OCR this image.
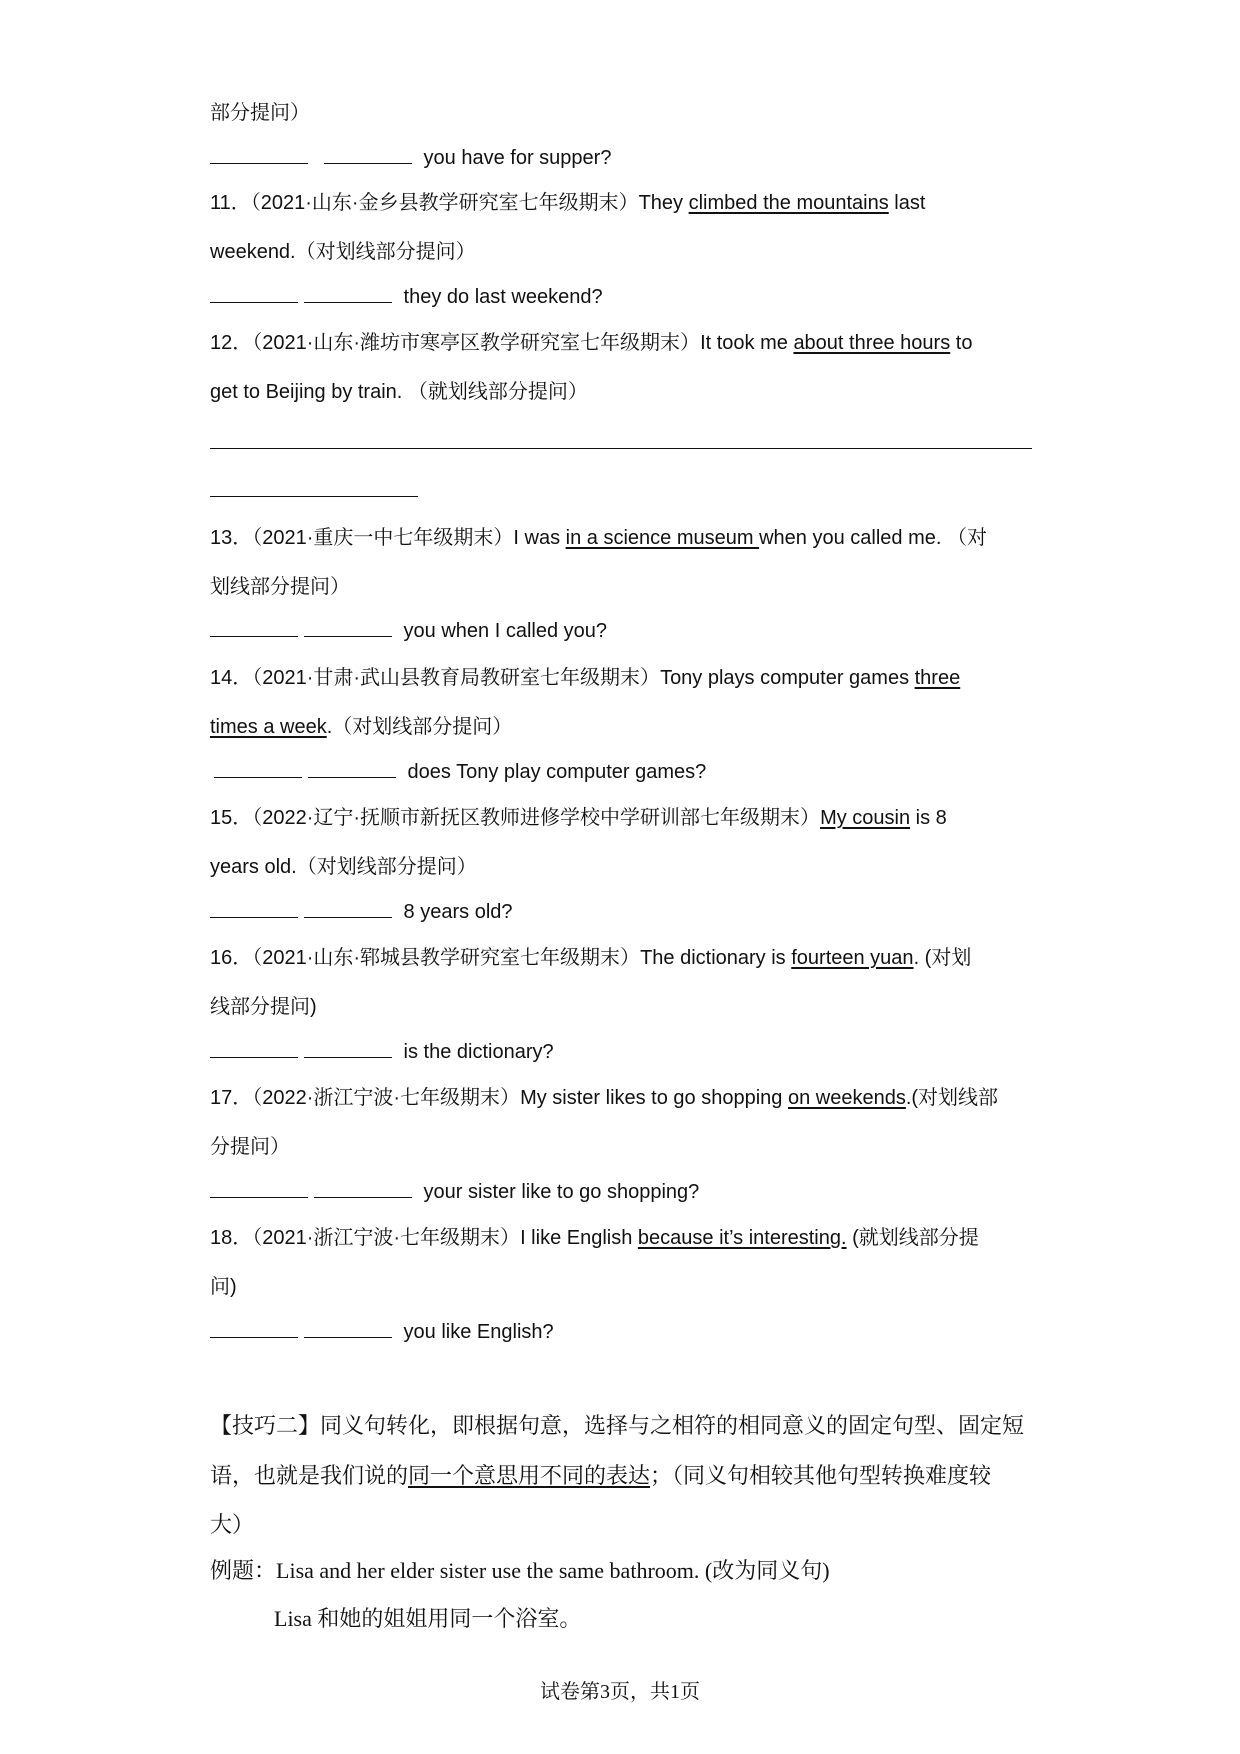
部分提问）
you have for supper?
11．（2021·山东·金乡县教学研究室七年级期末）They climbed the mountains last
weekend.（对划线部分提问）
they do last weekend?
12．（2021·山东·潍坊市寒亭区教学研究室七年级期末）It took me about three hours to
get to Beijing by train. （就划线部分提问）
13．（2021·重庆一中七年级期末）I was in a science museum when you called me. （对
划线部分提问）
you when I called you?
14．（2021·甘肃·武山县教育局教研室七年级期末）Tony plays computer games three
times a week.（对划线部分提问）
does Tony play computer games?
15．（2022·辽宁·抚顺市新抚区教师进修学校中学研训部七年级期末）My cousin is 8
years old.（对划线部分提问）
8 years old?
16．（2021·山东·郓城县教学研究室七年级期末）The dictionary is fourteen yuan. (对划
线部分提问)
is the dictionary?
17．（2022·浙江宁波·七年级期末）My sister likes to go shopping on weekends.(对划线部
分提问）
your sister like to go shopping?
18．（2021·浙江宁波·七年级期末）I like English because it’s interesting. (就划线部分提
问)
you like English?
【技巧二】同义句转化，即根据句意，选择与之相符的相同意义的固定句型、固定短
语，也就是我们说的同一个意思用不同的表达；（同义句相较其他句型转换难度较
大）
例题：Lisa and her elder sister use the same bathroom. (改为同义句)
Lisa 和她的姐姐用同一个浴室。
试卷第3页，共1页
